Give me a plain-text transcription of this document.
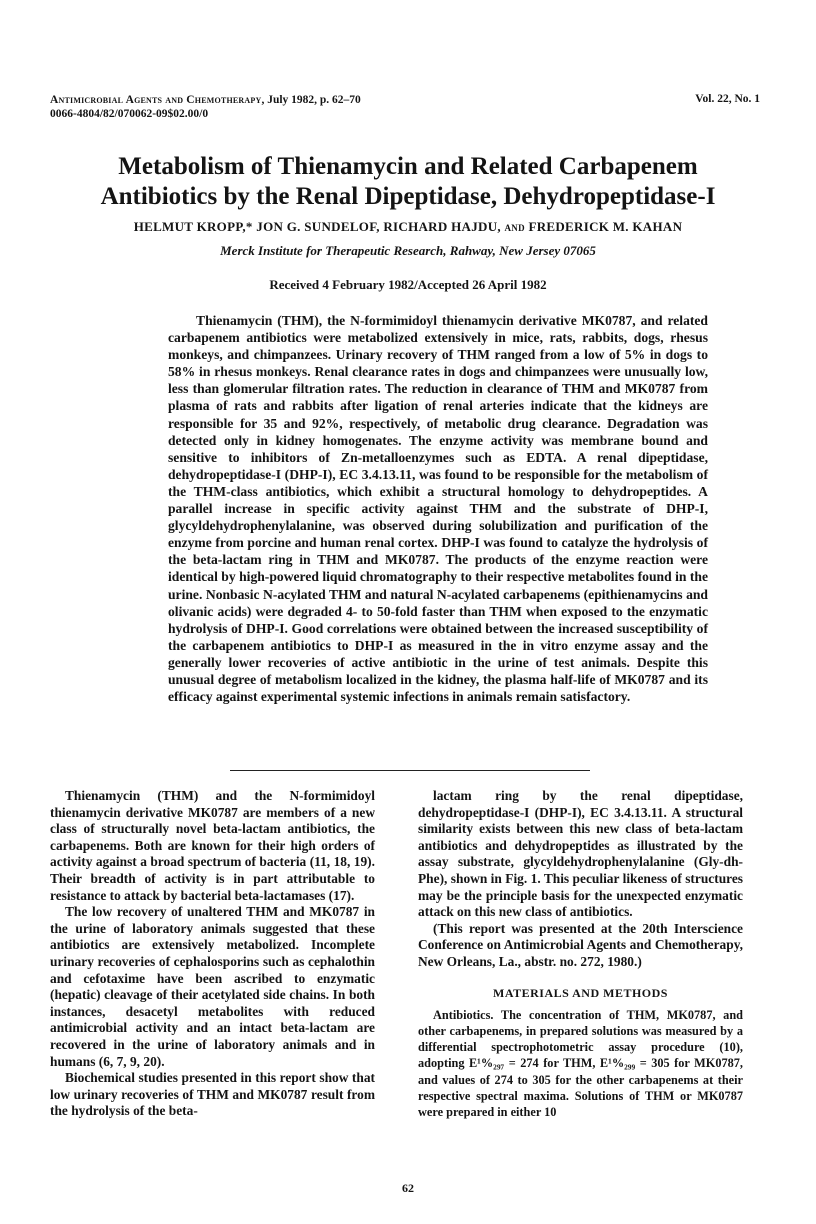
Antimicrobial Agents and Chemotherapy, July 1982, p. 62–70
0066-4804/82/070062-09$02.00/0
Vol. 22, No. 1
Metabolism of Thienamycin and Related Carbapenem Antibiotics by the Renal Dipeptidase, Dehydropeptidase-I
HELMUT KROPP,* JON G. SUNDELOF, RICHARD HAJDU, and FREDERICK M. KAHAN
Merck Institute for Therapeutic Research, Rahway, New Jersey 07065
Received 4 February 1982/Accepted 26 April 1982

Thienamycin (THM), the N-formimidoyl thienamycin derivative MK0787, and related carbapenem antibiotics were metabolized extensively in mice, rats, rabbits, dogs, rhesus monkeys, and chimpanzees. Urinary recovery of THM ranged from a low of 5% in dogs to 58% in rhesus monkeys. Renal clearance rates in dogs and chimpanzees were unusually low, less than glomerular filtration rates. The reduction in clearance of THM and MK0787 from plasma of rats and rabbits after ligation of renal arteries indicate that the kidneys are responsible for 35 and 92%, respectively, of metabolic drug clearance. Degradation was detected only in kidney homogenates. The enzyme activity was membrane bound and sensitive to inhibitors of Zn-metalloenzymes such as EDTA. A renal dipeptidase, dehydropeptidase-I (DHP-I), EC 3.4.13.11, was found to be responsible for the metabolism of the THM-class antibiotics, which exhibit a structural homology to dehydropeptides. A parallel increase in specific activity against THM and the substrate of DHP-I, glycyldehydrophenylalanine, was observed during solubilization and purification of the enzyme from porcine and human renal cortex. DHP-I was found to catalyze the hydrolysis of the beta-lactam ring in THM and MK0787. The products of the enzyme reaction were identical by high-powered liquid chromatography to their respective metabolites found in the urine. Nonbasic N-acylated THM and natural N-acylated carbapenems (epithienamycins and olivanic acids) were degraded 4- to 50-fold faster than THM when exposed to the enzymatic hydrolysis of DHP-I. Good correlations were obtained between the increased susceptibility of the carbapenem antibiotics to DHP-I as measured in the in vitro enzyme assay and the generally lower recoveries of active antibiotic in the urine of test animals. Despite this unusual degree of metabolism localized in the kidney, the plasma half-life of MK0787 and its efficacy against experimental systemic infections in animals remain satisfactory.

Thienamycin (THM) and the N-formimidoyl thienamycin derivative MK0787 are members of a new class of structurally novel beta-lactam antibiotics, the carbapenems. Both are known for their high orders of activity against a broad spectrum of bacteria (11, 18, 19). Their breadth of activity is in part attributable to resistance to attack by bacterial beta-lactamases (17).

The low recovery of unaltered THM and MK0787 in the urine of laboratory animals suggested that these antibiotics are extensively metabolized. Incomplete urinary recoveries of cephalosporins such as cephalothin and cefotaxime have been ascribed to enzymatic (hepatic) cleavage of their acetylated side chains. In both instances, desacetyl metabolites with reduced antimicrobial activity and an intact beta-lactam are recovered in the urine of laboratory animals and in humans (6, 7, 9, 20).

Biochemical studies presented in this report show that low urinary recoveries of THM and MK0787 result from the hydrolysis of the beta-

lactam ring by the renal dipeptidase, dehydropeptidase-I (DHP-I), EC 3.4.13.11. A structural similarity exists between this new class of beta-lactam antibiotics and dehydropeptides as illustrated by the assay substrate, glycyldehydrophenylalanine (Gly-dh-Phe), shown in Fig. 1. This peculiar likeness of structures may be the principle basis for the unexpected enzymatic attack on this new class of antibiotics.

(This report was presented at the 20th Interscience Conference on Antimicrobial Agents and Chemotherapy, New Orleans, La., abstr. no. 272, 1980.)

MATERIALS AND METHODS

Antibiotics. The concentration of THM, MK0787, and other carbapenems, in prepared solutions was measured by a differential spectrophotometric assay procedure (10), adopting E¹%₂₉₇ = 274 for THM, E¹%₂₉₉ = 305 for MK0787, and values of 274 to 305 for the other carbapenems at their respective spectral maxima. Solutions of THM or MK0787 were prepared in either 10

62
